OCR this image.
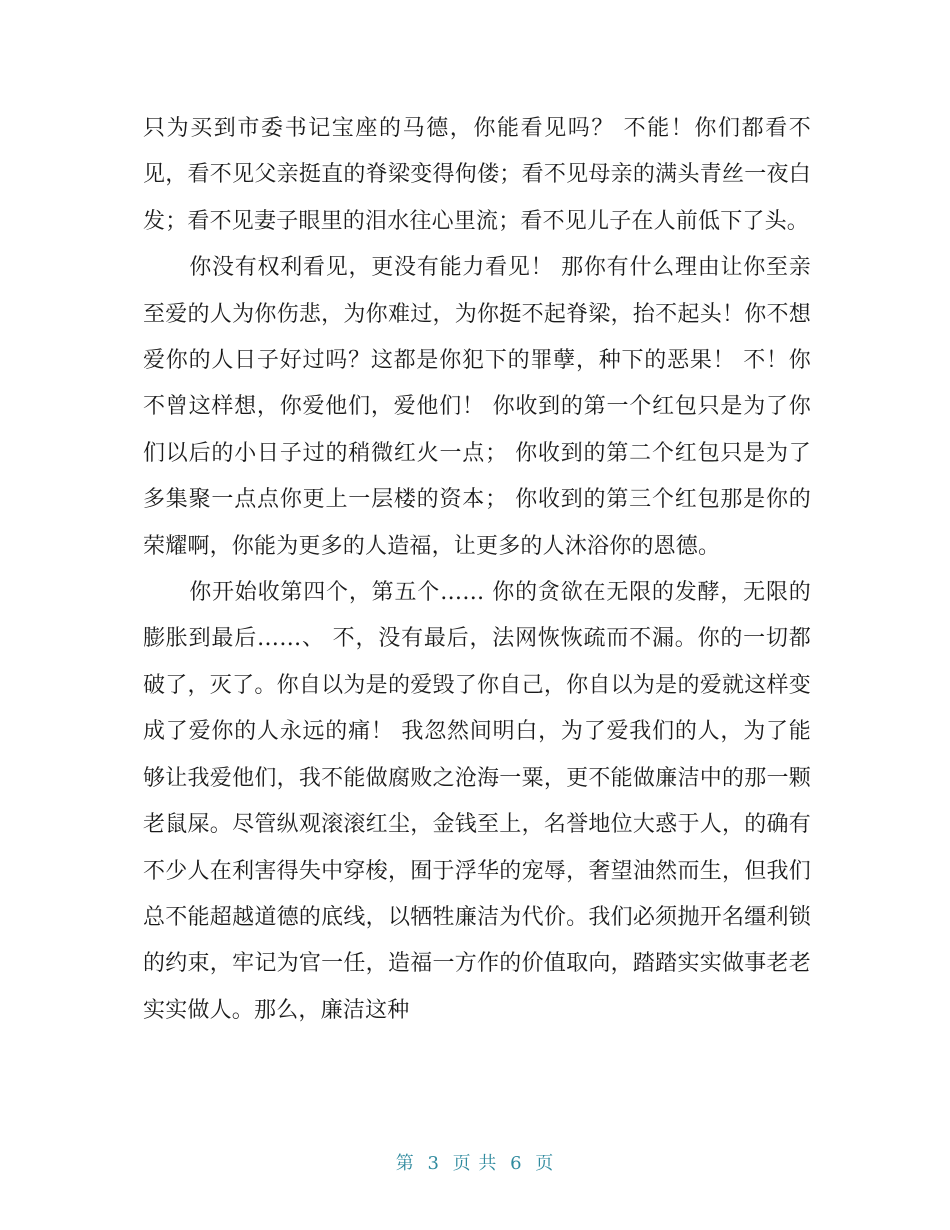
只为买到市委书记宝座的马德，你能看见吗？ 不能！你们都看不见，看不见父亲挺直的脊梁变得佝偻；看不见母亲的满头青丝一夜白发；看不见妻子眼里的泪水往心里流；看不见儿子在人前低下了头。

你没有权利看见，更没有能力看见！ 那你有什么理由让你至亲至爱的人为你伤悲，为你难过，为你挺不起脊梁，抬不起头！你不想爱你的人日子好过吗？这都是你犯下的罪孽，种下的恶果！ 不！你不曾这样想，你爱他们，爱他们！ 你收到的第一个红包只是为了你们以后的小日子过的稍微红火一点； 你收到的第二个红包只是为了多集聚一点点你更上一层楼的资本； 你收到的第三个红包那是你的荣耀啊，你能为更多的人造福，让更多的人沐浴你的恩德。

你开始收第四个，第五个…… 你的贪欲在无限的发酵，无限的膨胀到最后……、 不，没有最后，法网恢恢疏而不漏。你的一切都破了，灭了。你自以为是的爱毁了你自己，你自以为是的爱就这样变成了爱你的人永远的痛！ 我忽然间明白，为了爱我们的人，为了能够让我爱他们，我不能做腐败之沧海一粟，更不能做廉洁中的那一颗老鼠屎。尽管纵观滚滚红尘，金钱至上，名誉地位大惑于人，的确有不少人在利害得失中穿梭，囿于浮华的宠辱，奢望油然而生，但我们总不能超越道德的底线，以牺牲廉洁为代价。我们必须抛开名缰利锁的约束，牢记为官一任，造福一方作的价值取向，踏踏实实做事老老实实做人。那么，廉洁这种

第 3 页 共 6 页
